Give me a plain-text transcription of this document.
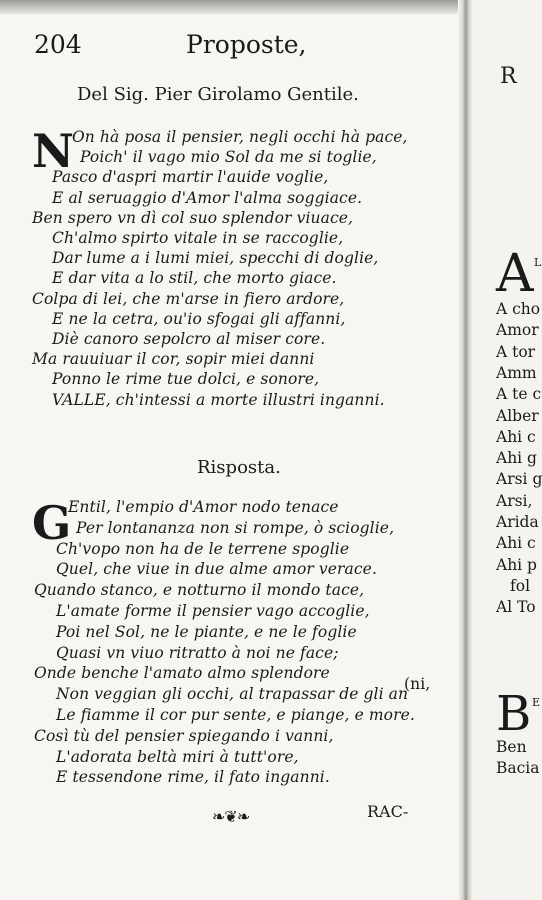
204	Proposte,
Del Sig. Pier Girolamo Gentile.
N
On hà posa il pensier, negli occhi hà pace,
Poich' il vago mio Sol da me si toglie,
Pasco d'aspri martir l'auide voglie,
E al seruaggio d'Amor l'alma soggiace.
Ben spero vn dì col suo splendor viuace,
Ch'almo spirto vitale in se raccoglie,
Dar lume a i lumi miei, specchi di doglie,
E dar vita a lo stil, che morto giace.
Colpa di lei, che m'arse in fiero ardore,
E ne la cetra, ou'io sfogai gli affanni,
Diè canoro sepolcro al miser core.
Ma rauuiuar il cor, sopir miei danni
Ponno le rime tue dolci, e sonore,
VALLE, ch'intessi a morte illustri inganni.
Risposta.
G
(ni,
Entil, l'empio d'Amor nodo tenace
Per lontananza non si rompe, ò scioglie,
Ch'vopo non ha de le terrene spoglie
Quel, che viue in due alme amor verace.
Quando stanco, e notturno il mondo tace,
L'amate forme il pensier vago accoglie,
Poi nel Sol, ne le piante, e ne le foglie
Quasi vn viuo ritratto à noi ne face;
Onde benche l'amato almo splendore
Non veggian gli occhi, al trapassar de gli an
Le fiamme il cor pur sente, e piange, e more.
Così tù del pensier spiegando i vanni,
L'adorata beltà miri à tutt'ore,
E tessendone rime, il fato inganni.
❧❦❧	RAC-
R
A L
A cho
Amor
A tor
Amm
A te c
Alber
Ahi c
Ahi g
Arsi g
Arsi,
Arida
Ahi c
Ahi p
fol
Al To
B E
Ben
Bacia
